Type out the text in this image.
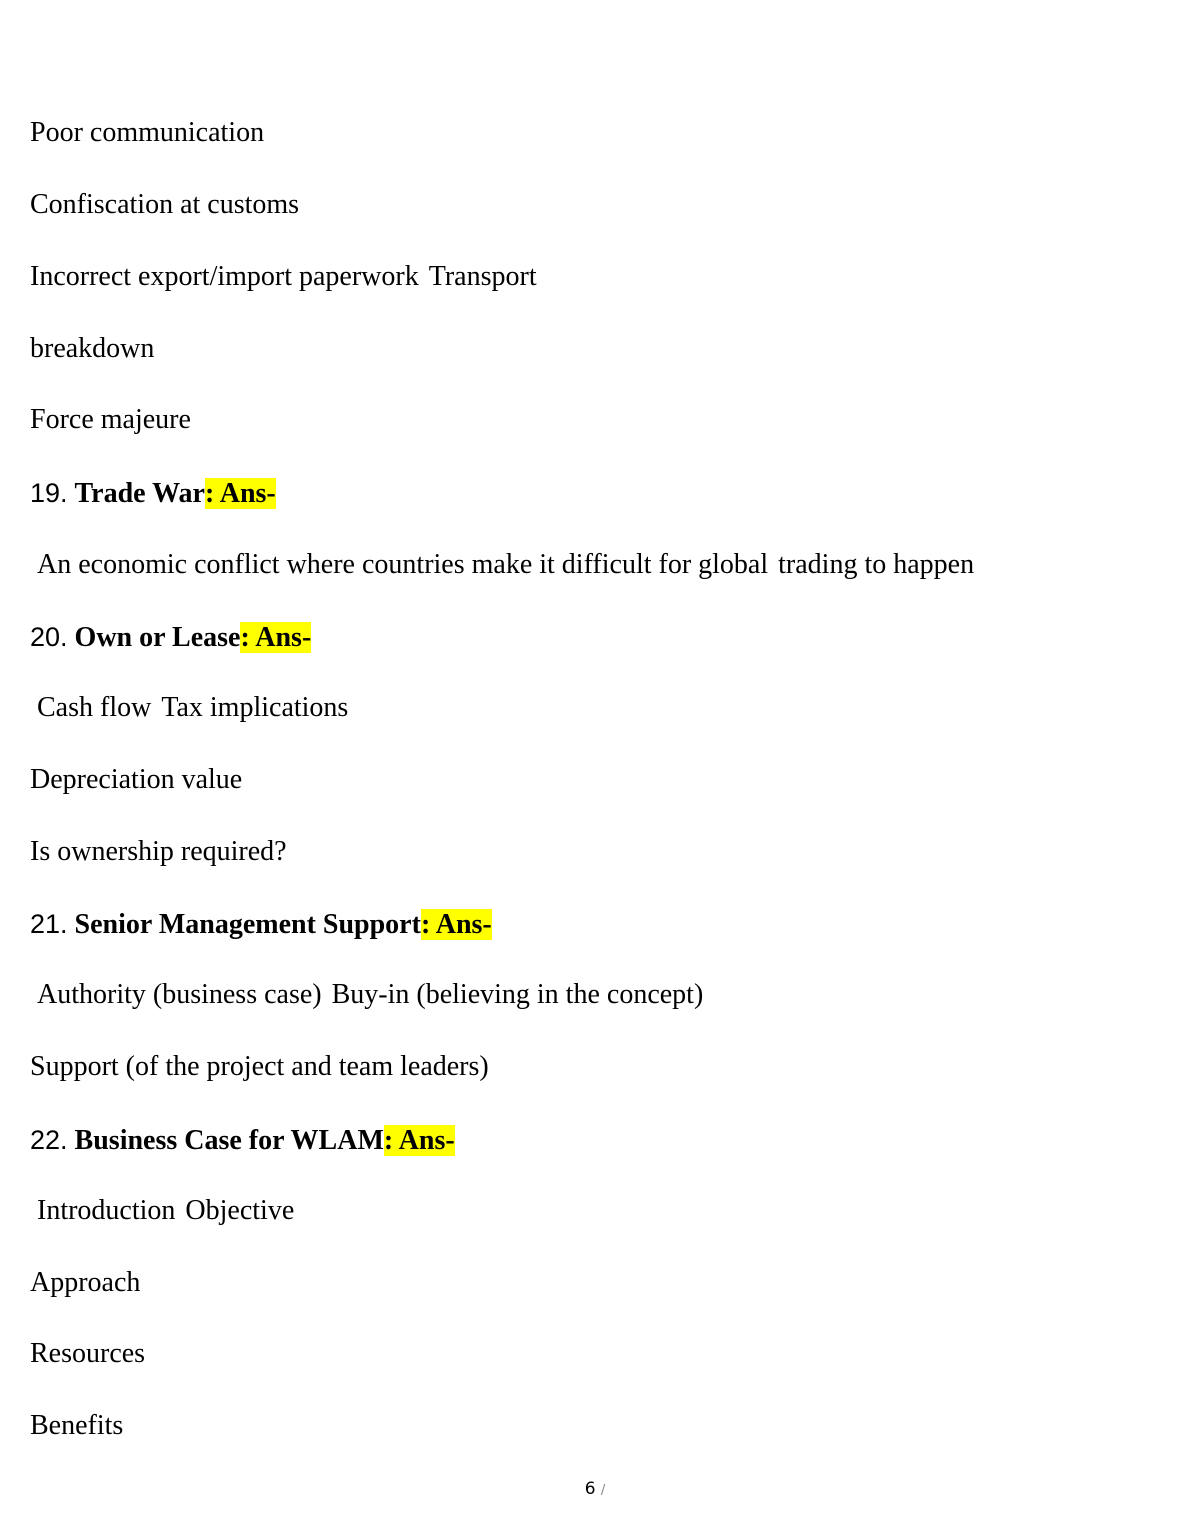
Poor communication
Confiscation at customs
Incorrect export/import paperwork Transport
breakdown
Force majeure
19. Trade War: Ans-
An economic conflict where countries make it difficult for global trading to happen
20. Own or Lease: Ans-
Cash flow Tax implications
Depreciation value
Is ownership required?
21. Senior Management Support: Ans-
Authority (business case) Buy-in (believing in the concept)
Support (of the project and team leaders)
22. Business Case for WLAM: Ans-
Introduction Objective
Approach
Resources
Benefits
6 /
